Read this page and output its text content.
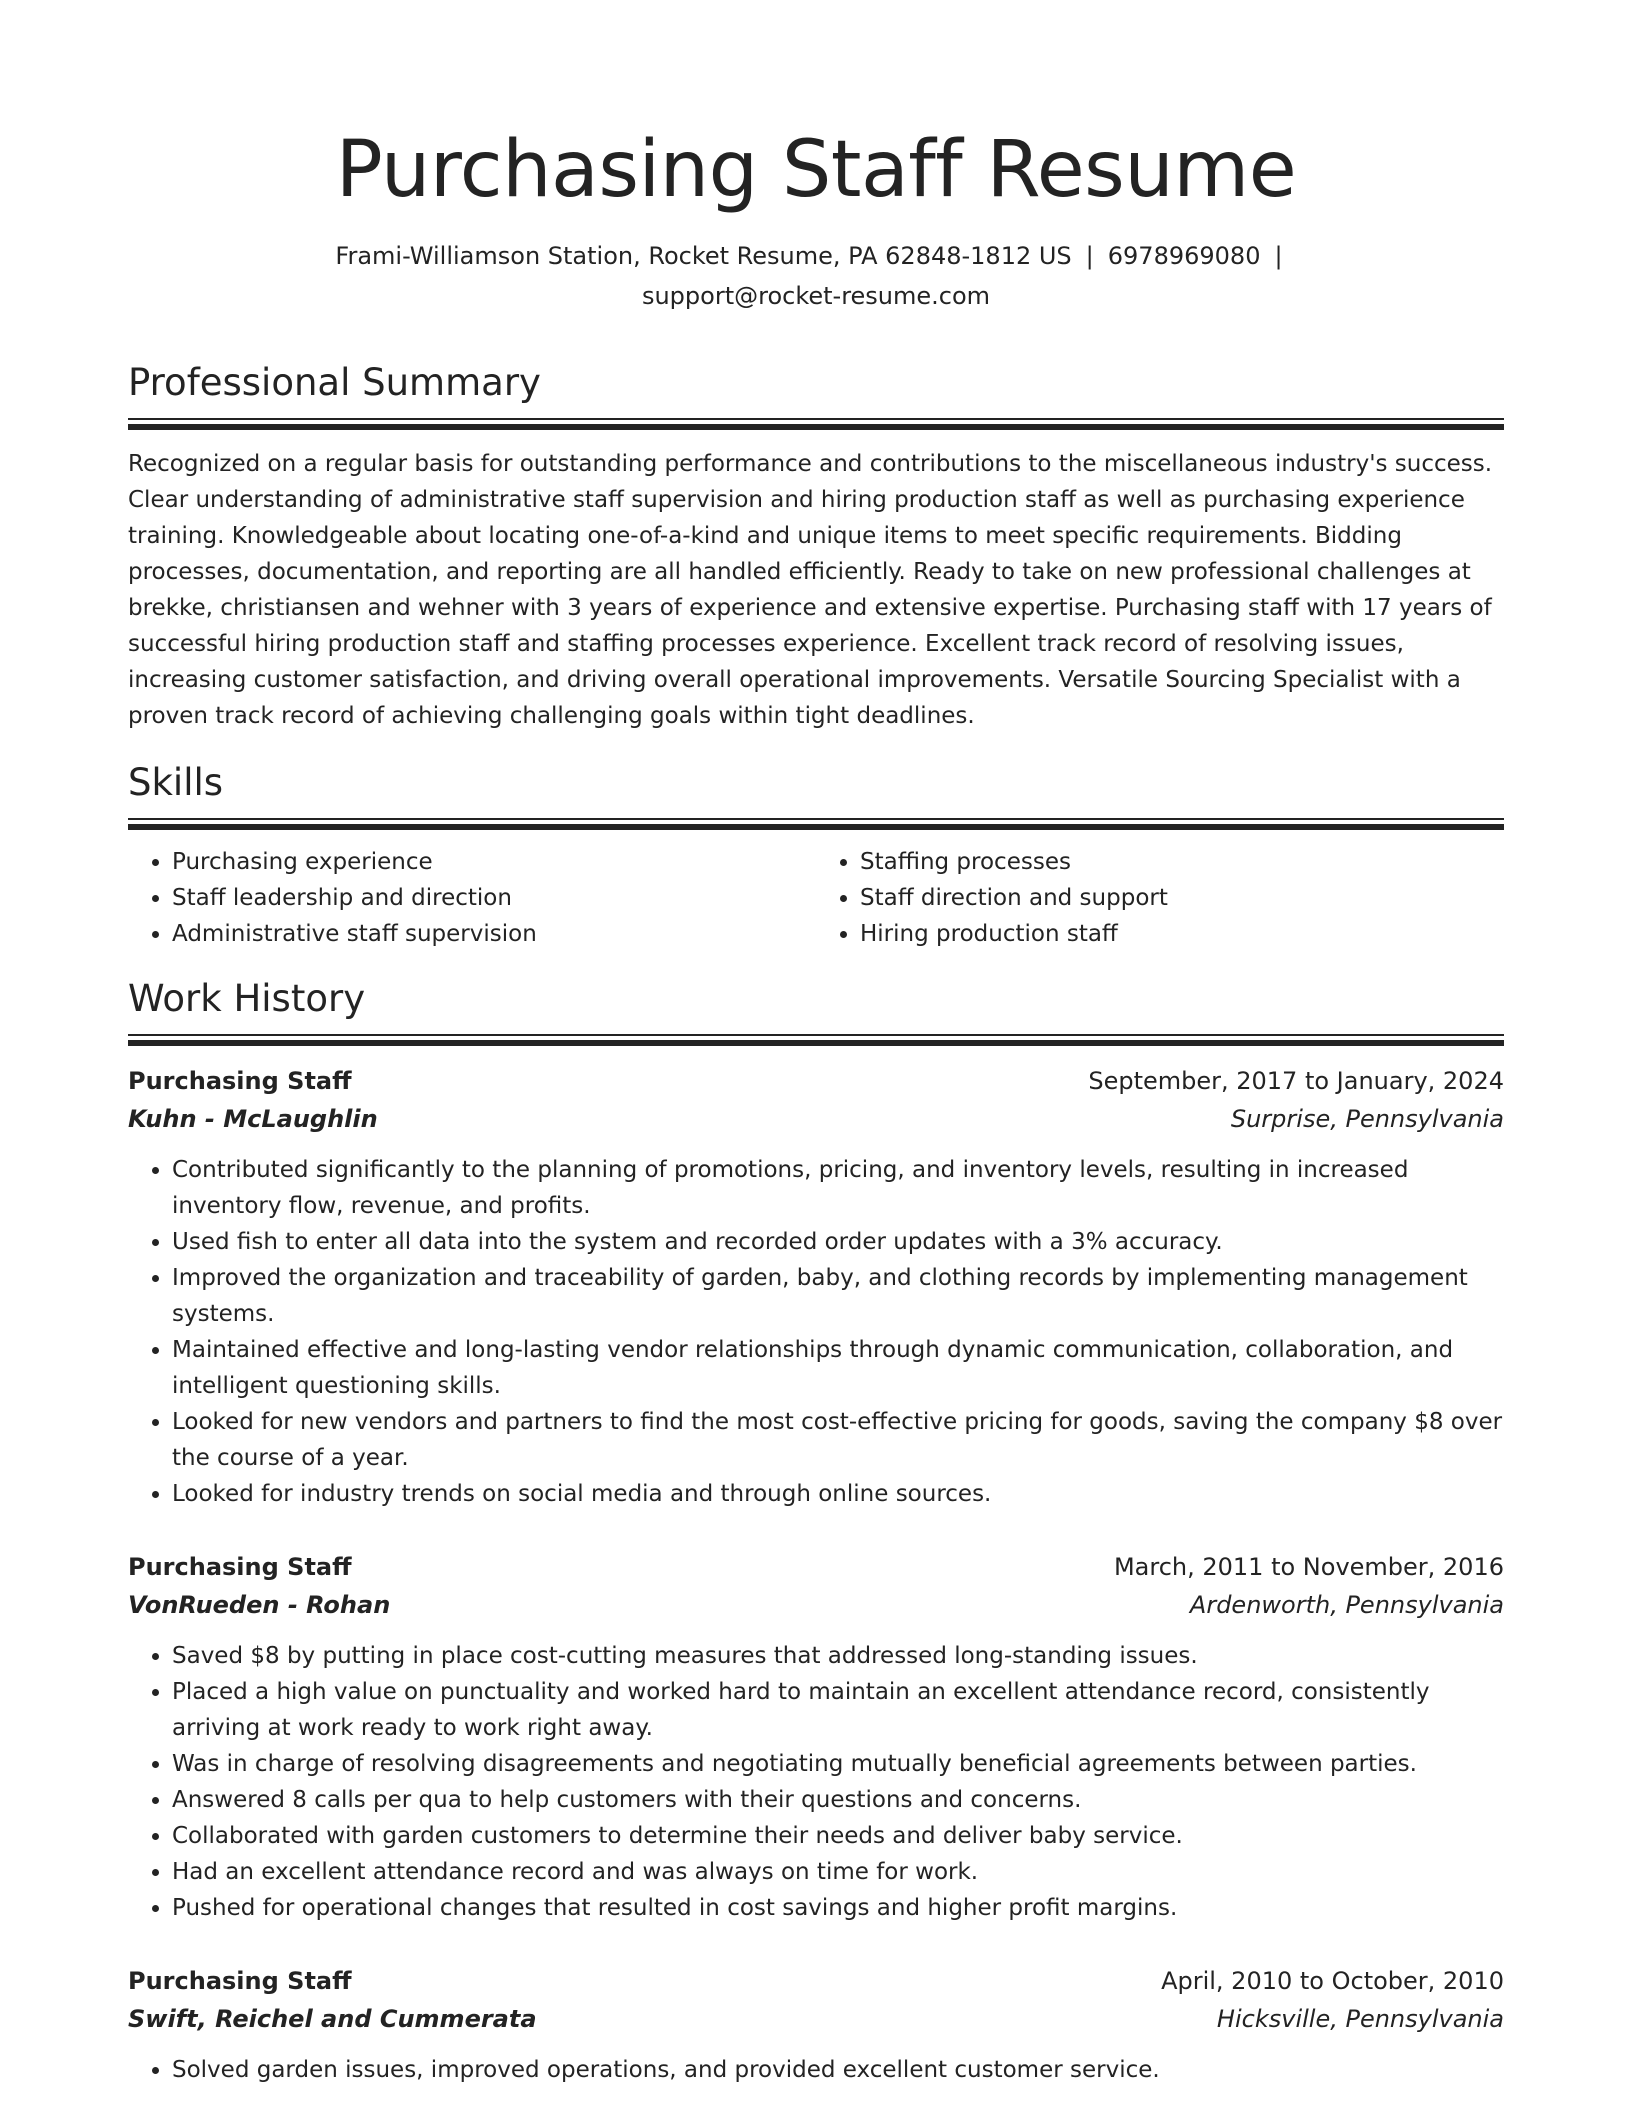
Purchasing Staff Resume
Frami-Williamson Station, Rocket Resume, PA 62848-1812 US | 6978969080 |
support@rocket-resume.com
Professional Summary

Recognized on a regular basis for outstanding performance and contributions to the miscellaneous industry's success. Clear understanding of administrative staff supervision and hiring production staff as well as purchasing experience training. Knowledgeable about locating one-of-a-kind and unique items to meet specific requirements. Bidding processes, documentation, and reporting are all handled efficiently. Ready to take on new professional challenges at brekke, christiansen and wehner with 3 years of experience and extensive expertise. Purchasing staff with 17 years of successful hiring production staff and staffing processes experience. Excellent track record of resolving issues, increasing customer satisfaction, and driving overall operational improvements. Versatile Sourcing Specialist with a proven track record of achieving challenging goals within tight deadlines.

Skills
• Purchasing experience
• Staff leadership and direction
• Administrative staff supervision
• Staffing processes
• Staff direction and support
• Hiring production staff
Work History
Purchasing Staff	September, 2017 to January, 2024
Kuhn - McLaughlin	Surprise, Pennsylvania
• Contributed significantly to the planning of promotions, pricing, and inventory levels, resulting in increased inventory flow, revenue, and profits.
• Used fish to enter all data into the system and recorded order updates with a 3% accuracy.
• Improved the organization and traceability of garden, baby, and clothing records by implementing management systems.
• Maintained effective and long-lasting vendor relationships through dynamic communication, collaboration, and intelligent questioning skills.
• Looked for new vendors and partners to find the most cost-effective pricing for goods, saving the company $8 over the course of a year.
• Looked for industry trends on social media and through online sources.
Purchasing Staff	March, 2011 to November, 2016
VonRueden - Rohan	Ardenworth, Pennsylvania
• Saved $8 by putting in place cost-cutting measures that addressed long-standing issues.
• Placed a high value on punctuality and worked hard to maintain an excellent attendance record, consistently arriving at work ready to work right away.
• Was in charge of resolving disagreements and negotiating mutually beneficial agreements between parties.
• Answered 8 calls per qua to help customers with their questions and concerns.
• Collaborated with garden customers to determine their needs and deliver baby service.
• Had an excellent attendance record and was always on time for work.
• Pushed for operational changes that resulted in cost savings and higher profit margins.
Purchasing Staff	April, 2010 to October, 2010
Swift, Reichel and Cummerata	Hicksville, Pennsylvania
• Solved garden issues, improved operations, and provided excellent customer service.
